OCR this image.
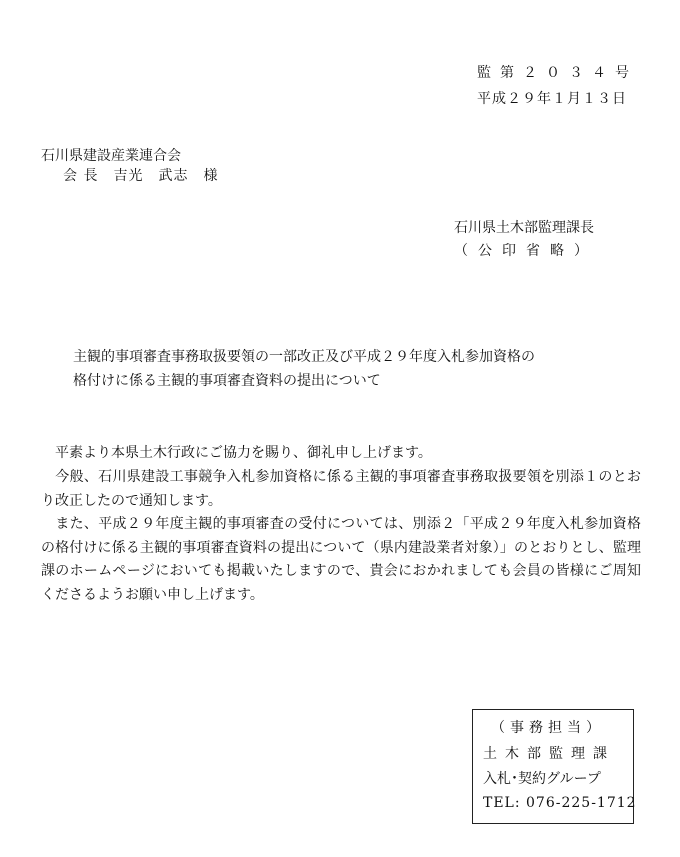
監第２０３４号
平成２９年１月１３日
石川県建設産業連合会
会 長　吉光　武志　様
石川県土木部監理課長
（公印省略）
主観的事項審査事務取扱要領の一部改正及び平成２９年度入札参加資格の
格付けに係る主観的事項審査資料の提出について
　平素より本県土木行政にご協力を賜り、御礼申し上げます。
　今般、石川県建設工事競争入札参加資格に係る主観的事項審査事務取扱要領を別添１のとおり改正したので通知します。
　また、平成２９年度主観的事項審査の受付については、別添２「平成２９年度入札参加資格の格付けに係る主観的事項審査資料の提出について（県内建設業者対象）」のとおりとし、監理課のホームページにおいても掲載いたしますので、貴会におかれましても会員の皆様にご周知くださるようお願い申し上げます。
（事務担当）
土木部監理課
入札･契約グループ
TEL: 076-225-1712
